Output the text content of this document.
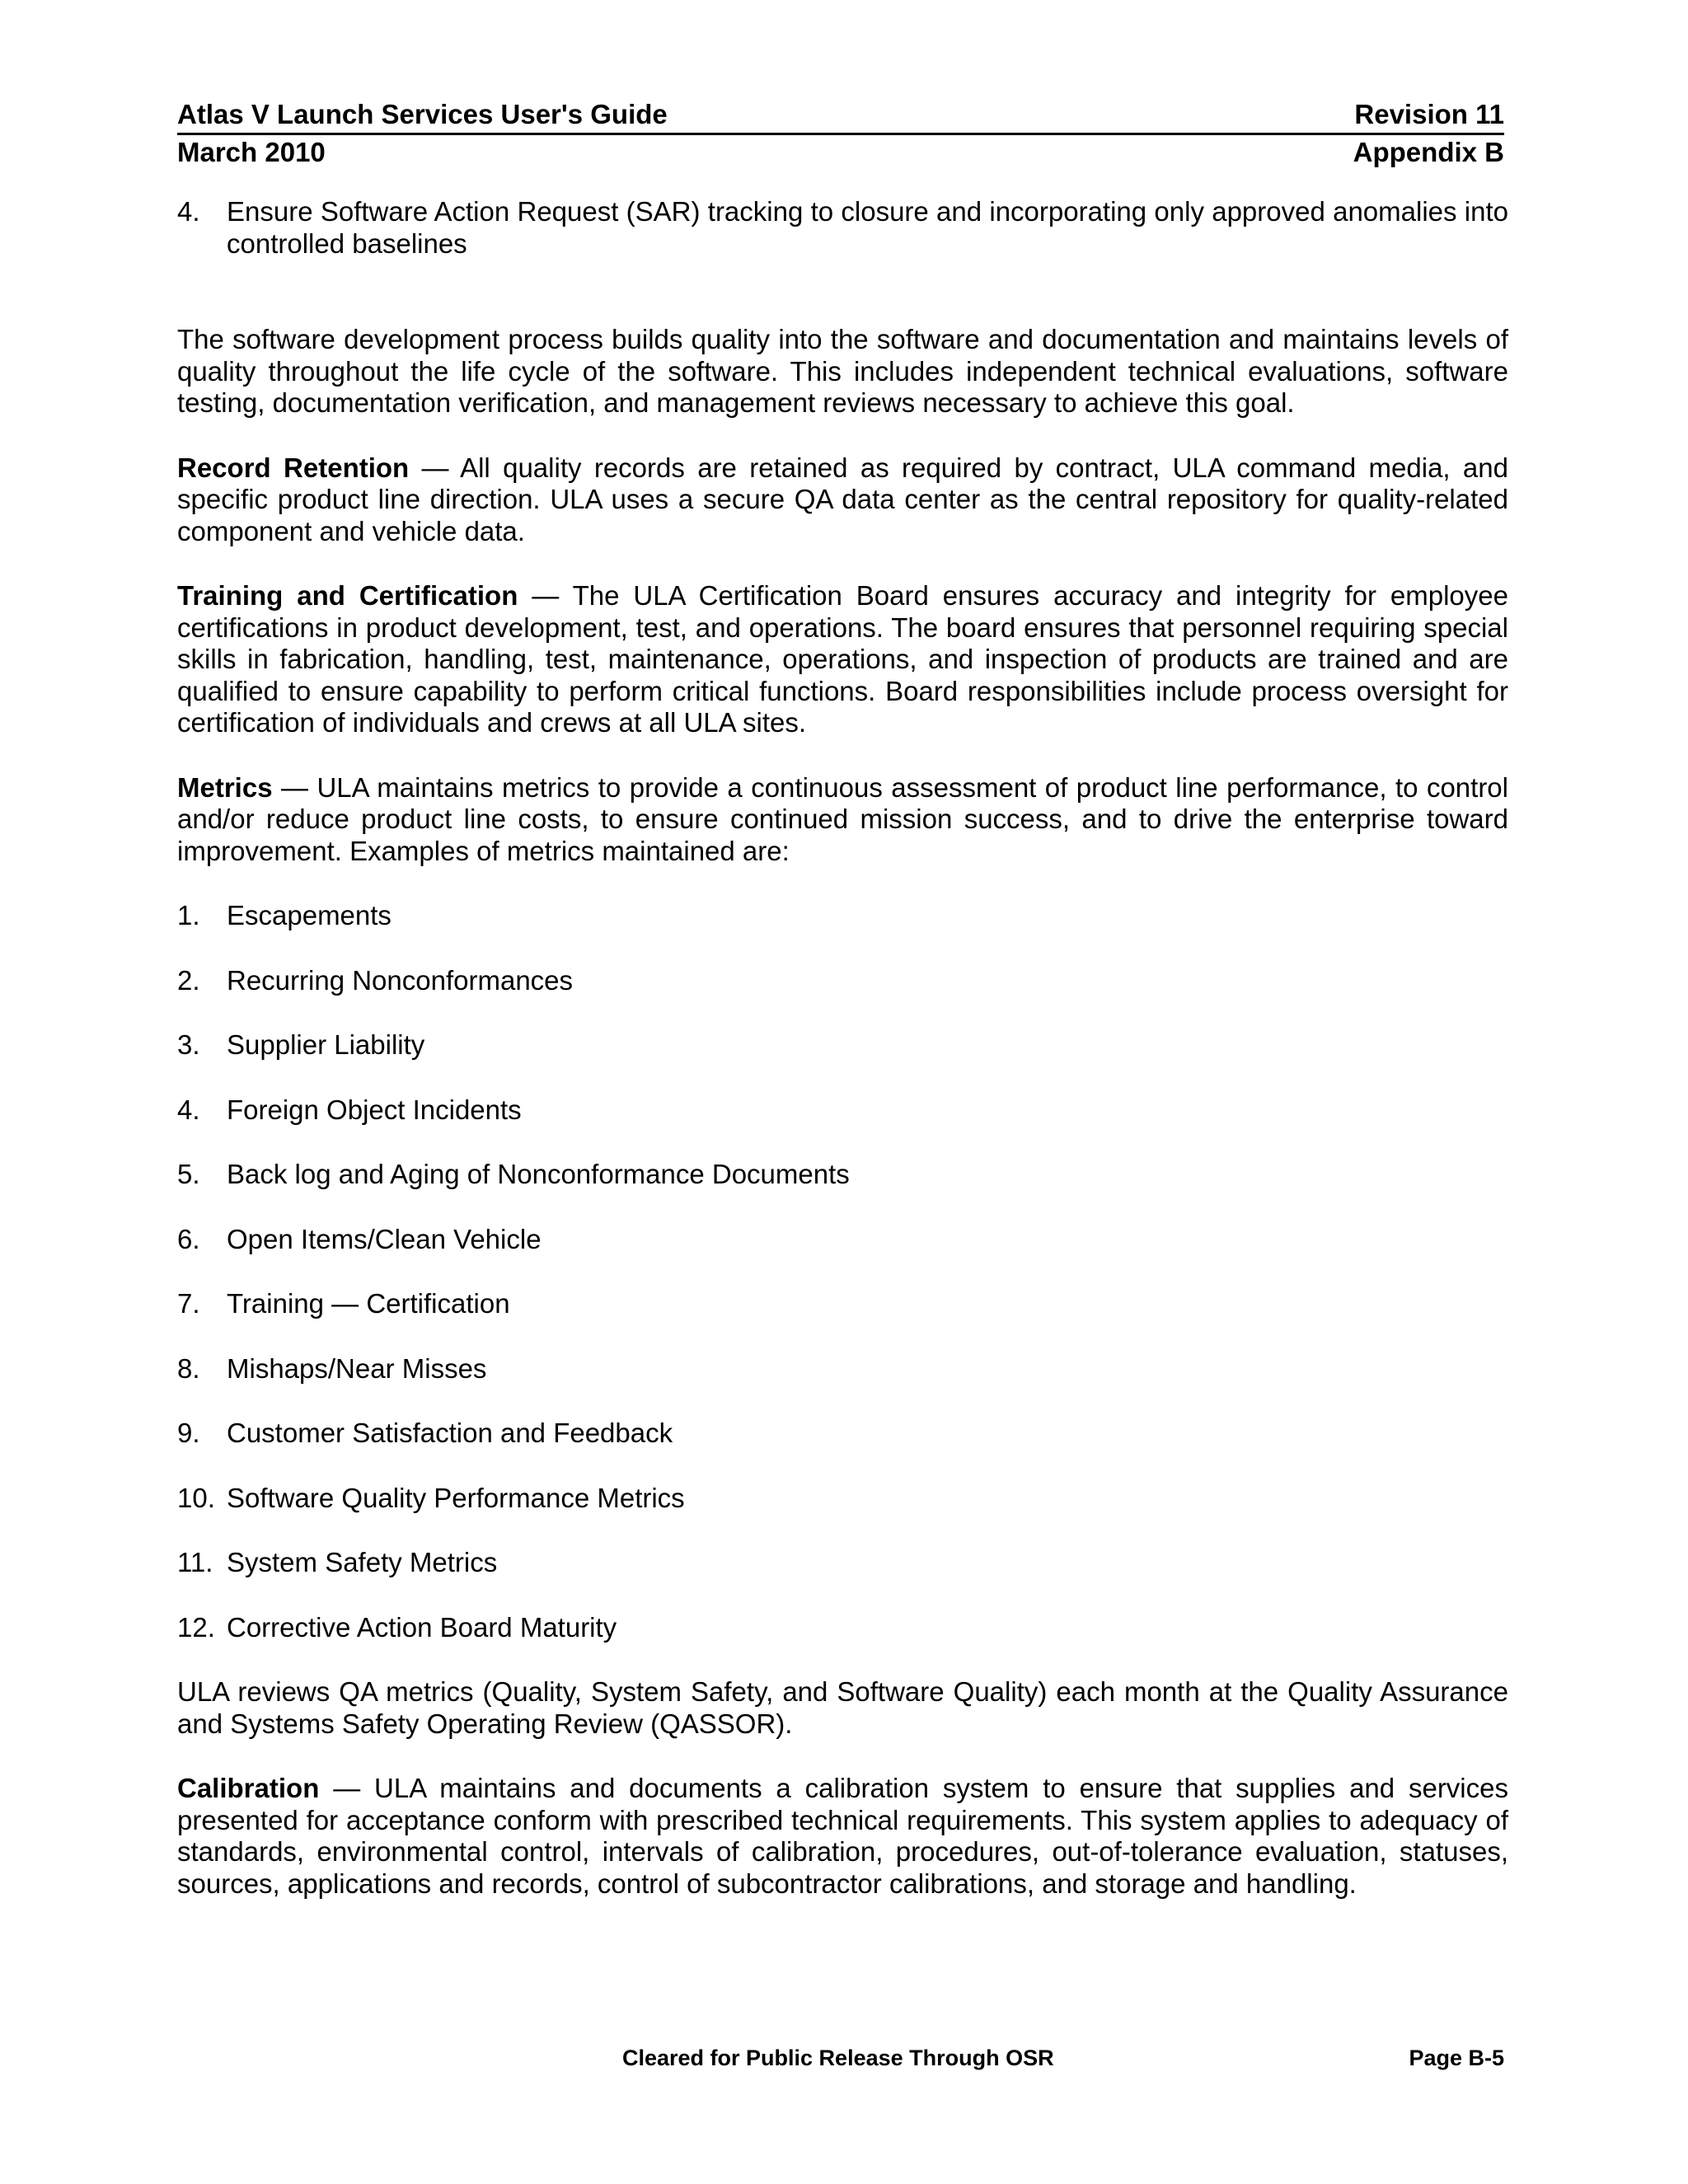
Atlas V Launch Services User's Guide	Revision 11
March 2010	Appendix B
4. Ensure Software Action Request (SAR) tracking to closure and incorporating only approved anomalies into controlled baselines

The software development process builds quality into the software and documentation and maintains levels of quality throughout the life cycle of the software. This includes independent technical evaluations, software testing, documentation verification, and management reviews necessary to achieve this goal.

Record Retention — All quality records are retained as required by contract, ULA command media, and specific product line direction. ULA uses a secure QA data center as the central repository for quality-related component and vehicle data.

Training and Certification — The ULA Certification Board ensures accuracy and integrity for employee certifications in product development, test, and operations. The board ensures that personnel requiring special skills in fabrication, handling, test, maintenance, operations, and inspection of products are trained and are qualified to ensure capability to perform critical functions. Board responsibilities include process oversight for certification of individuals and crews at all ULA sites.

Metrics — ULA maintains metrics to provide a continuous assessment of product line performance, to control and/or reduce product line costs, to ensure continued mission success, and to drive the enterprise toward improvement. Examples of metrics maintained are:

1. Escapements
2. Recurring Nonconformances
3. Supplier Liability
4. Foreign Object Incidents
5. Back log and Aging of Nonconformance Documents
6. Open Items/Clean Vehicle
7. Training — Certification
8. Mishaps/Near Misses
9. Customer Satisfaction and Feedback
10. Software Quality Performance Metrics
11. System Safety Metrics
12. Corrective Action Board Maturity

ULA reviews QA metrics (Quality, System Safety, and Software Quality) each month at the Quality Assurance and Systems Safety Operating Review (QASSOR).

Calibration — ULA maintains and documents a calibration system to ensure that supplies and services presented for acceptance conform with prescribed technical requirements. This system applies to adequacy of standards, environmental control, intervals of calibration, procedures, out-of-tolerance evaluation, statuses, sources, applications and records, control of subcontractor calibrations, and storage and handling.

Cleared for Public Release Through OSR	Page B-5
